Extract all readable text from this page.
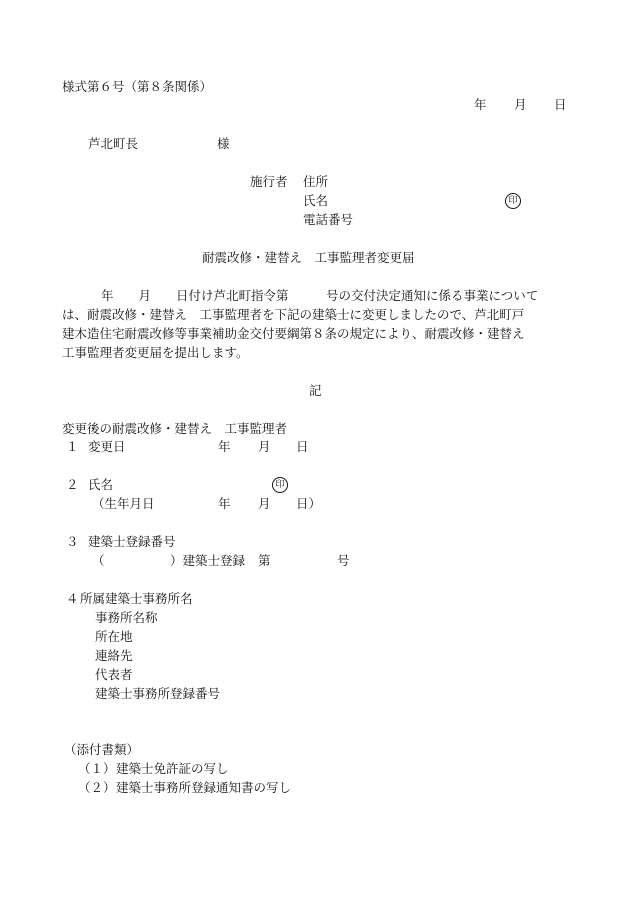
様式第６号（第８条関係）
年 月 日
芦北町長	様
施行者 住所
氏名	印
電話番号
耐震改修・建替え　工事監理者変更届
年　　月　　日付け芦北町指令第　　　号の交付決定通知に係る事業について
は、耐震改修・建替え　工事監理者を下記の建築士に変更しましたので、芦北町戸
建木造住宅耐震改修等事業補助金交付要綱第８条の規定により、耐震改修・建替え
工事監理者変更届を提出します。
記
変更後の耐震改修・建替え　工事監理者
１ 変更日	年 月 日
２ 氏名	印
（生年月日	年 月 日）
３ 建築士登録番号
（	）建築士登録 第	号
４ 所属建築士事務所名
事務所名称
所在地
連絡先
代表者
建築士事務所登録番号
（添付書類）
（１） 建築士免許証の写し
（２） 建築士事務所登録通知書の写し
